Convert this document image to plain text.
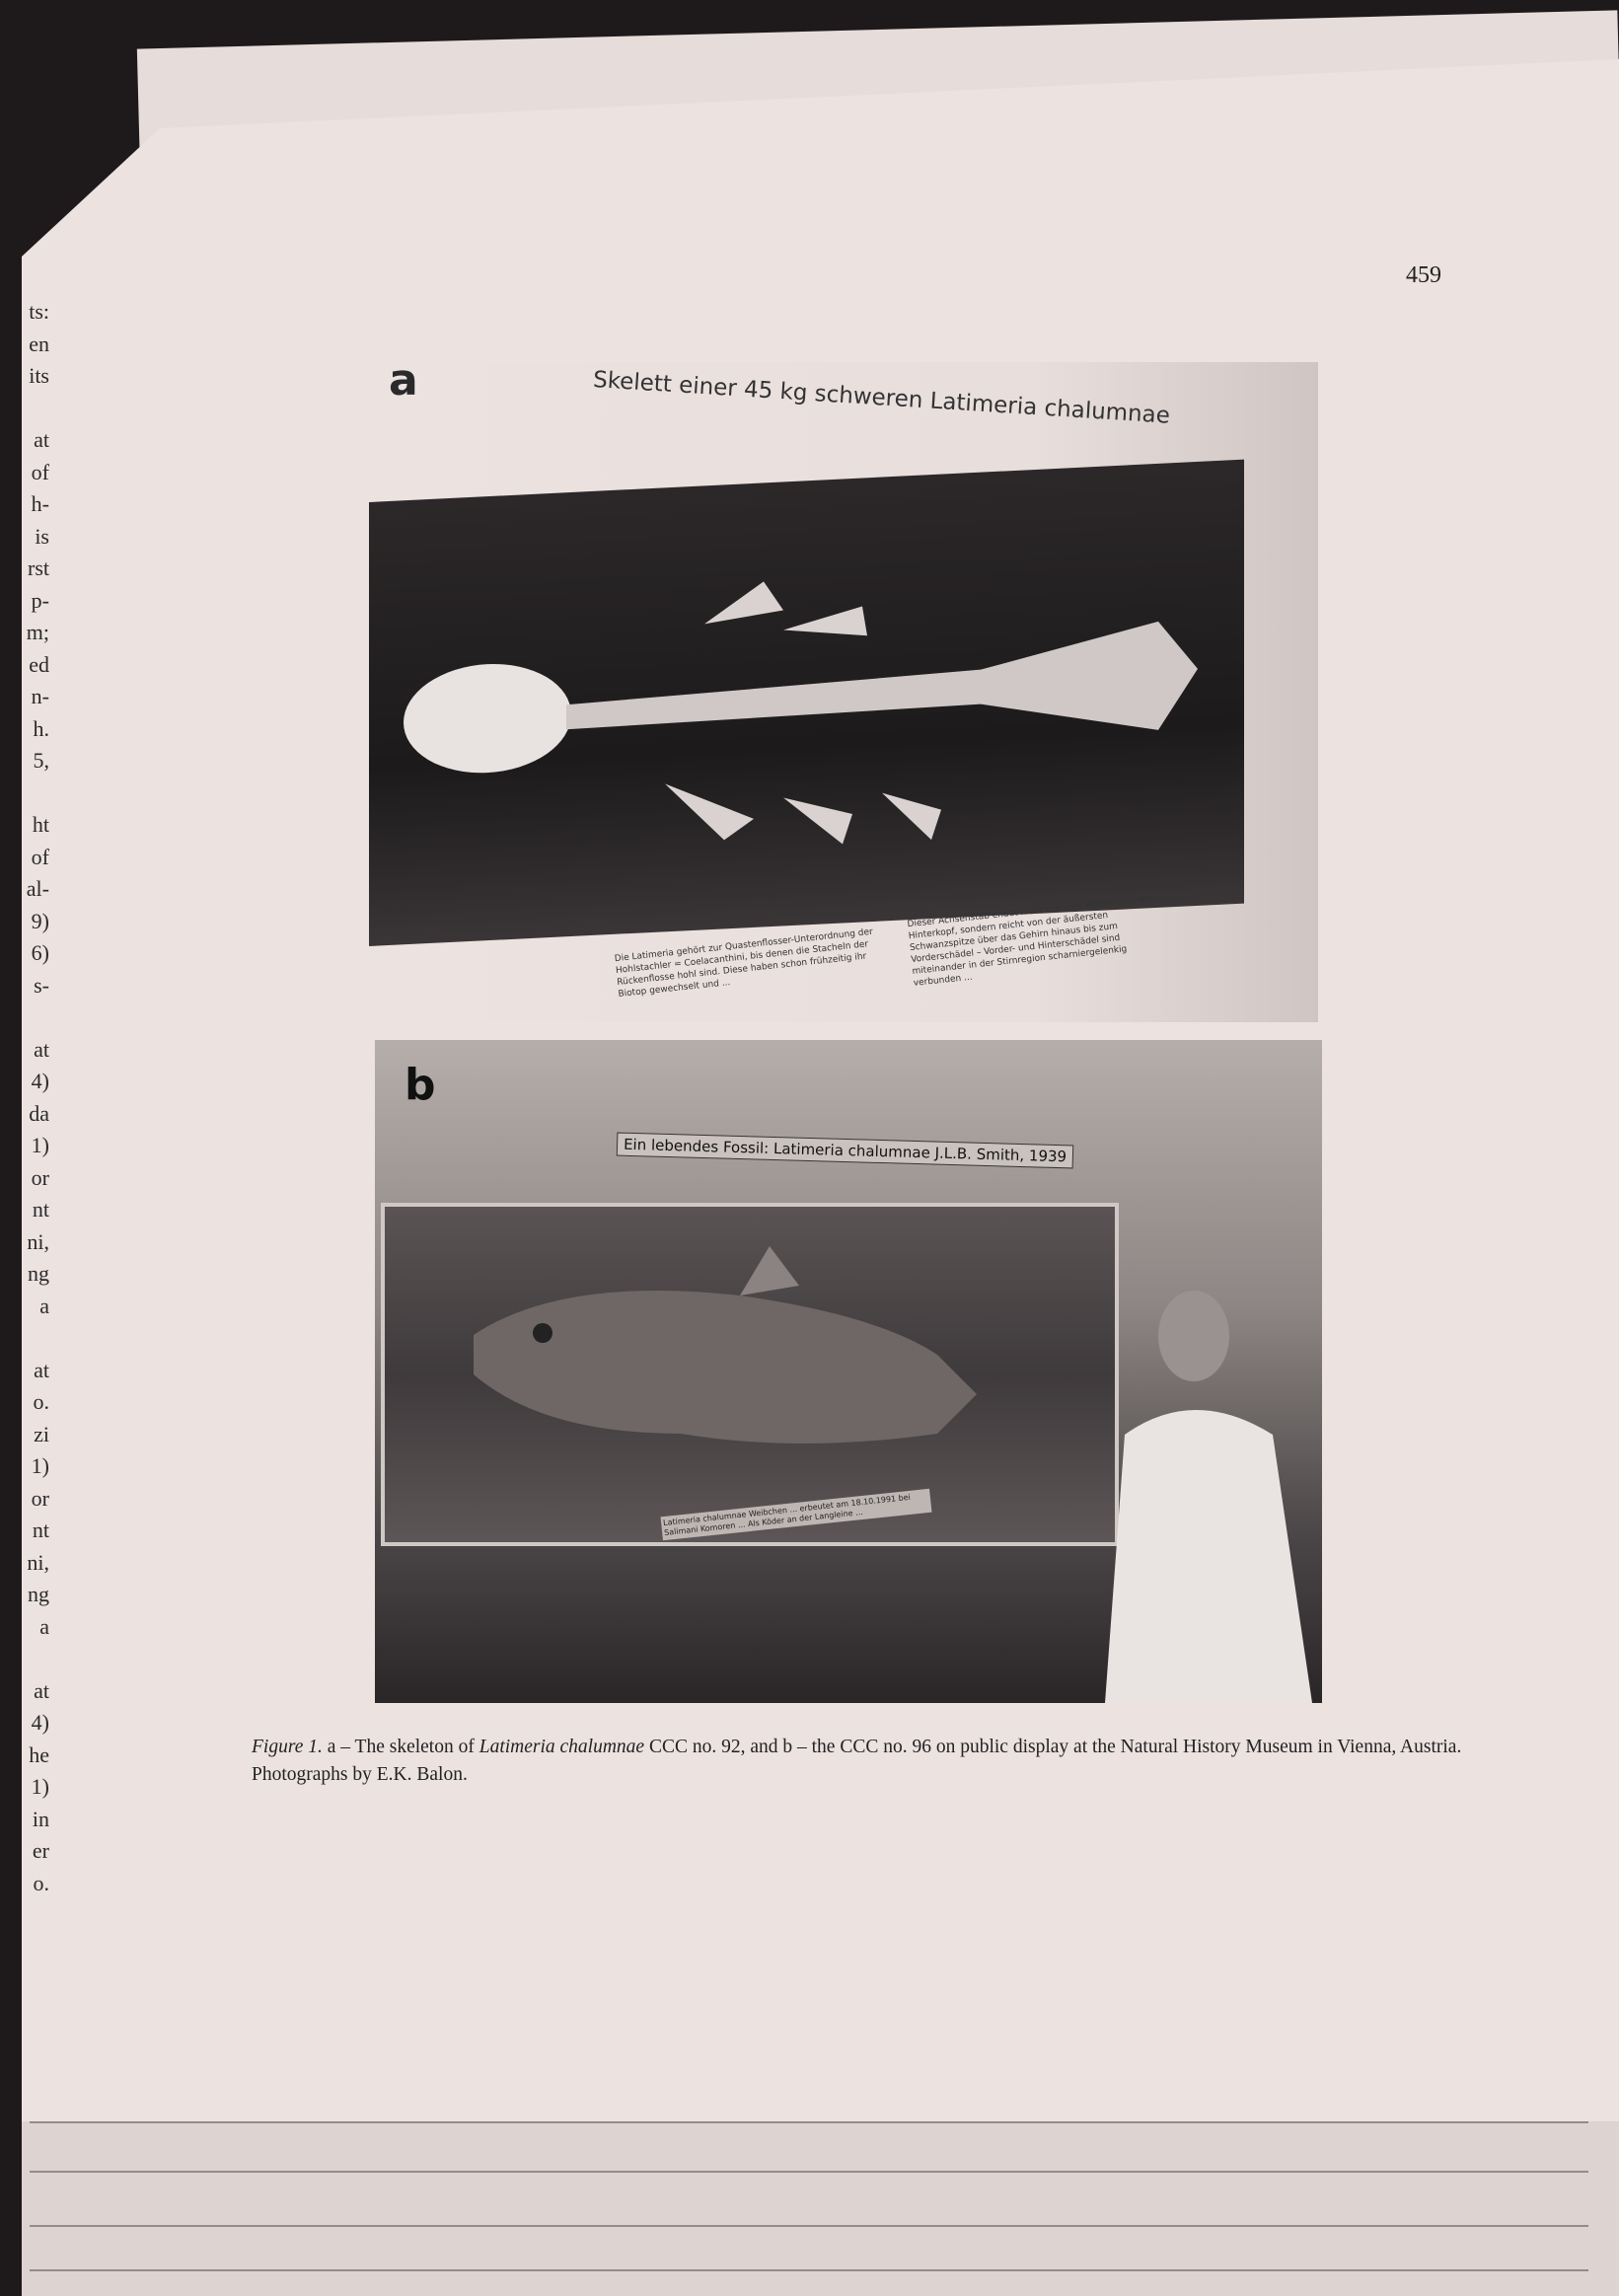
ts:
en
its
at
of
h-
is
rst
p-
m;
ed
n-
h.
5,
ht
of
al-
9)
6)
s-
at
4)
da
1)
or
nt
ni,
ng
a
at
o.
zi
1)
or
nt
ni,
ng
a
at
4)
he
1)
in
er
o.
459
Skelett einer 45 kg schweren Latimeria chalumnae
Die Latimeria gehört zur Quastenflosser-Unterordnung der Hohlstachler = Coelacanthini, bis denen die Stacheln der Rückenflosse hohl sind. Diese haben schon frühzeitig ihr Biotop gewechselt und ...
Dieser Achsenstab endet nicht wie eine Wirbelsäule am Hinterkopf, sondern reicht von der äußersten Schwanzspitze über das Gehirn hinaus bis zum Vorderschädel – Vorder- und Hinterschädel sind miteinander in der Stirnregion scharniergelenkig verbunden ...
a
b
Ein lebendes Fossil: Latimeria chalumnae J.L.B. Smith, 1939
Latimeria chalumnae Weibchen ... erbeutet am 18.10.1991 bei Salimani Komoren ... Als Köder an der Langleine ...
Figure 1. a – The skeleton of Latimeria chalumnae CCC no. 92, and b – the CCC no. 96 on public display at the Natural History Museum in Vienna, Austria. Photographs by E.K. Balon.
